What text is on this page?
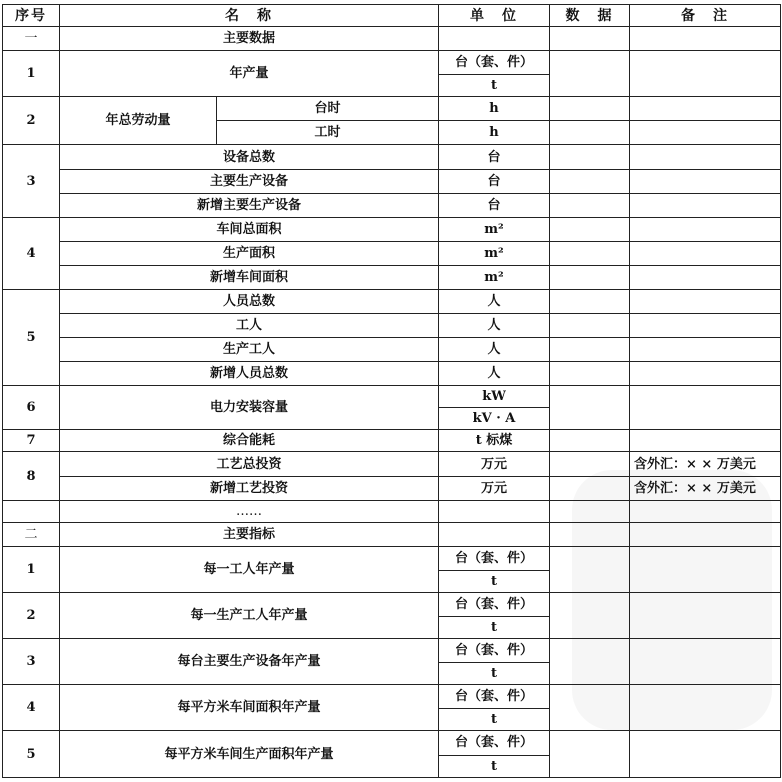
序号	名　称		单　位	数　据	备　注
一	主要数据				
1	年产量		台（套、件）		
			t		
2	年总劳动量	台时	h		
		工时	h		
3	设备总数		台		
	主要生产设备		台		
	新增主要生产设备		台		
4	车间总面积		m²		
	生产面积		m²		
	新增车间面积		m²		
5	人员总数		人		
	工人		人		
	生产工人		人		
	新增人员总数		人		
6	电力安装容量		kW		
			kV · A		
7	综合能耗		t 标煤		
8	工艺总投资		万元		含外汇：× × 万美元
	新增工艺投资		万元		含外汇：× × 万美元
	……				
二	主要指标				
1	每一工人年产量		台（套、件）		
			t		
2	每一生产工人年产量		台（套、件）		
			t		
3	每台主要生产设备年产量		台（套、件）		
			t		
4	每平方米车间面积年产量		台（套、件）		
			t		
5	每平方米车间生产面积年产量		台（套、件）		
			t		
